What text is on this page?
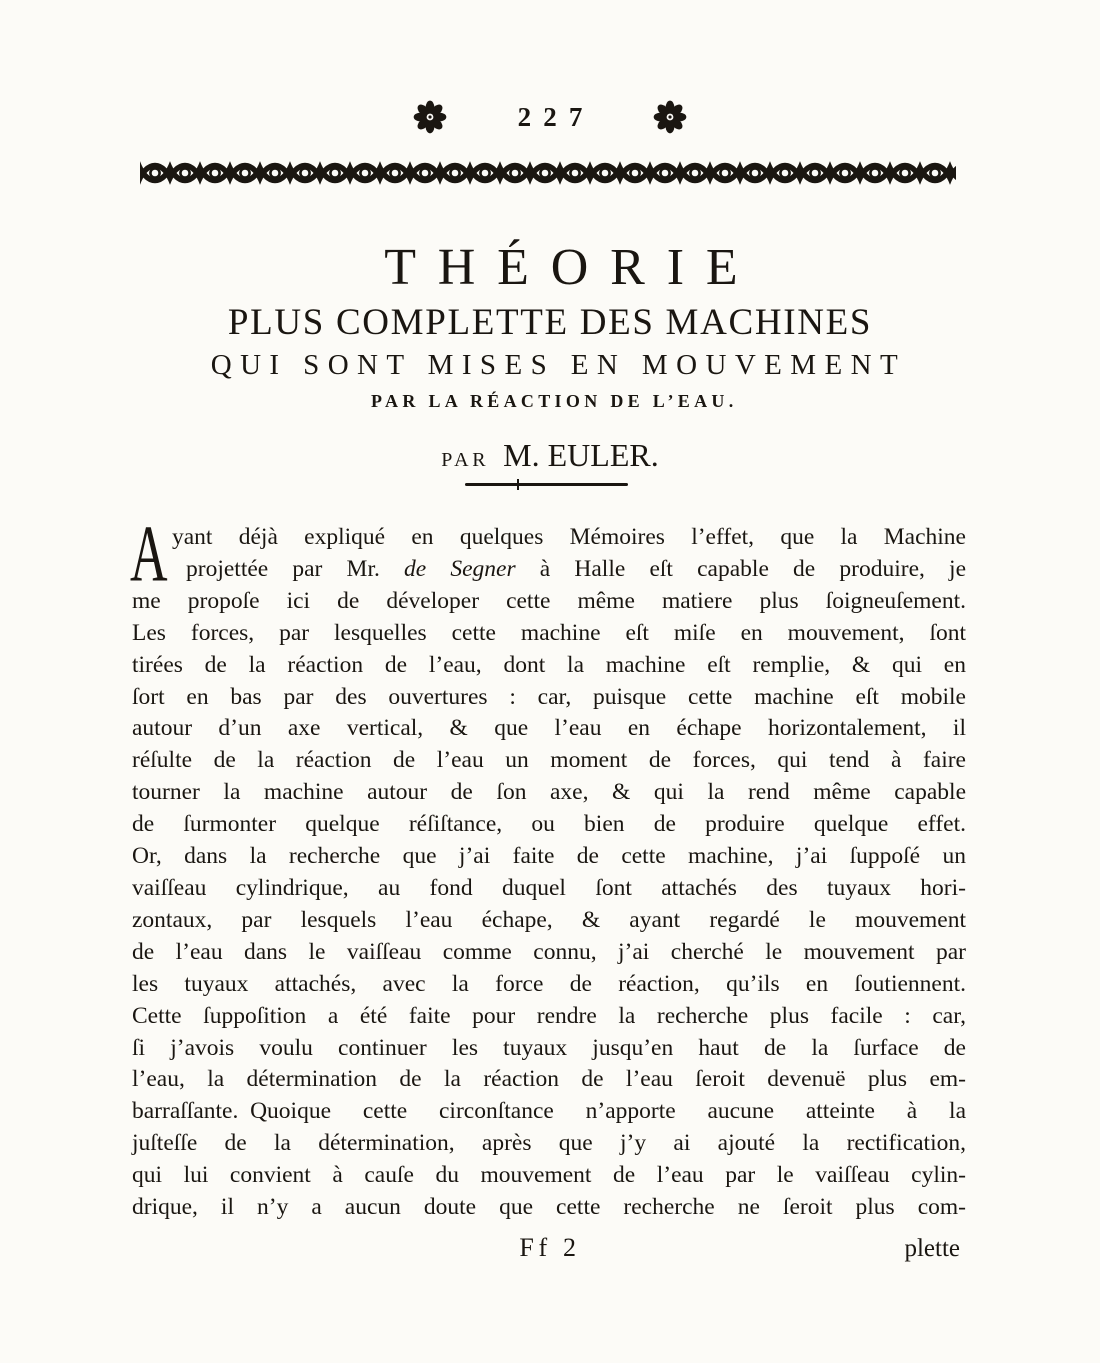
227
THÉORIE
PLUS COMPLETTE DES MACHINES
QUI SONT MISES EN MOUVEMENT
PAR LA RÉACTION DE L’EAU.
PAR M. EULER.
A yant déjà expliqué en quelques Mémoires l’effet, que la Machine
projettée par Mr. de Segner à Halle eſt capable de produire, je
me propoſe ici de déveloper cette même matiere plus ſoigneuſement.
Les forces, par lesquelles cette machine eſt miſe en mouvement, ſont
tirées de la réaction de l’eau, dont la machine eſt remplie, & qui en
ſort en bas par des ouvertures : car, puisque cette machine eſt mobile
autour d’un axe vertical, & que l’eau en échape horizontalement, il
réſulte de la réaction de l’eau un moment de forces, qui tend à faire
tourner la machine autour de ſon axe, & qui la rend même capable
de ſurmonter quelque réſiſtance, ou bien de produire quelque effet.
Or, dans la recherche que j’ai faite de cette machine, j’ai ſuppoſé un
vaiſſeau cylindrique, au fond duquel ſont attachés des tuyaux hori-
zontaux, par lesquels l’eau échape, & ayant regardé le mouvement
de l’eau dans le vaiſſeau comme connu, j’ai cherché le mouvement par
les tuyaux attachés, avec la force de réaction, qu’ils en ſoutiennent.
Cette ſuppoſition a été faite pour rendre la recherche plus facile : car,
ſi j’avois voulu continuer les tuyaux jusqu’en haut de la ſurface de
l’eau, la détermination de la réaction de l’eau ſeroit devenuë plus em-
barraſſante. Quoique cette circonſtance n’apporte aucune atteinte à la
juſteſſe de la détermination, après que j’y ai ajouté la rectification,
qui lui convient à cauſe du mouvement de l’eau par le vaiſſeau cylin-
drique, il n’y a aucun doute que cette recherche ne ſeroit plus com-
Ff 2	plette
